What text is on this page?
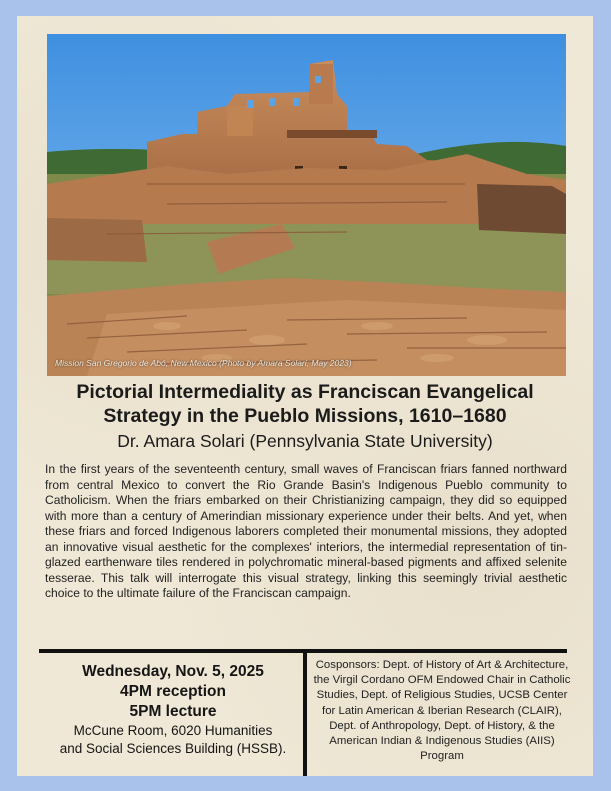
Mission San Gregorio de Abó, New Mexico (Photo by Amara Solari, May 2023)
Pictorial Intermediality as Franciscan Evangelical
Strategy in the Pueblo Missions, 1610–1680
Dr. Amara Solari (Pennsylvania State University)
In the first years of the seventeenth century, small waves of Franciscan friars fanned northward from central Mexico to convert the Rio Grande Basin's Indigenous Pueblo community to Catholicism. When the friars embarked on their Christianizing campaign, they did so equipped with more than a century of Amerindian missionary experience under their belts. And yet, when these friars and forced Indigenous laborers completed their monumental missions, they adopted an innovative visual aesthetic for the complexes' interiors, the intermedial representation of tin-glazed earthenware tiles rendered in polychromatic mineral-based pigments and affixed selenite tesserae. This talk will interrogate this visual strategy, linking this seemingly trivial aesthetic choice to the ultimate failure of the Franciscan campaign.
Wednesday, Nov. 5, 2025
4PM reception
5PM lecture
McCune Room, 6020 Humanities
and Social Sciences Building (HSSB).
Cosponsors: Dept. of History of Art & Architecture, the Virgil Cordano OFM Endowed Chair in Catholic Studies, Dept. of Religious Studies, UCSB Center for Latin American & Iberian Research (CLAIR), Dept. of Anthropology, Dept. of History, & the American Indian & Indigenous Studies (AIIS) Program
